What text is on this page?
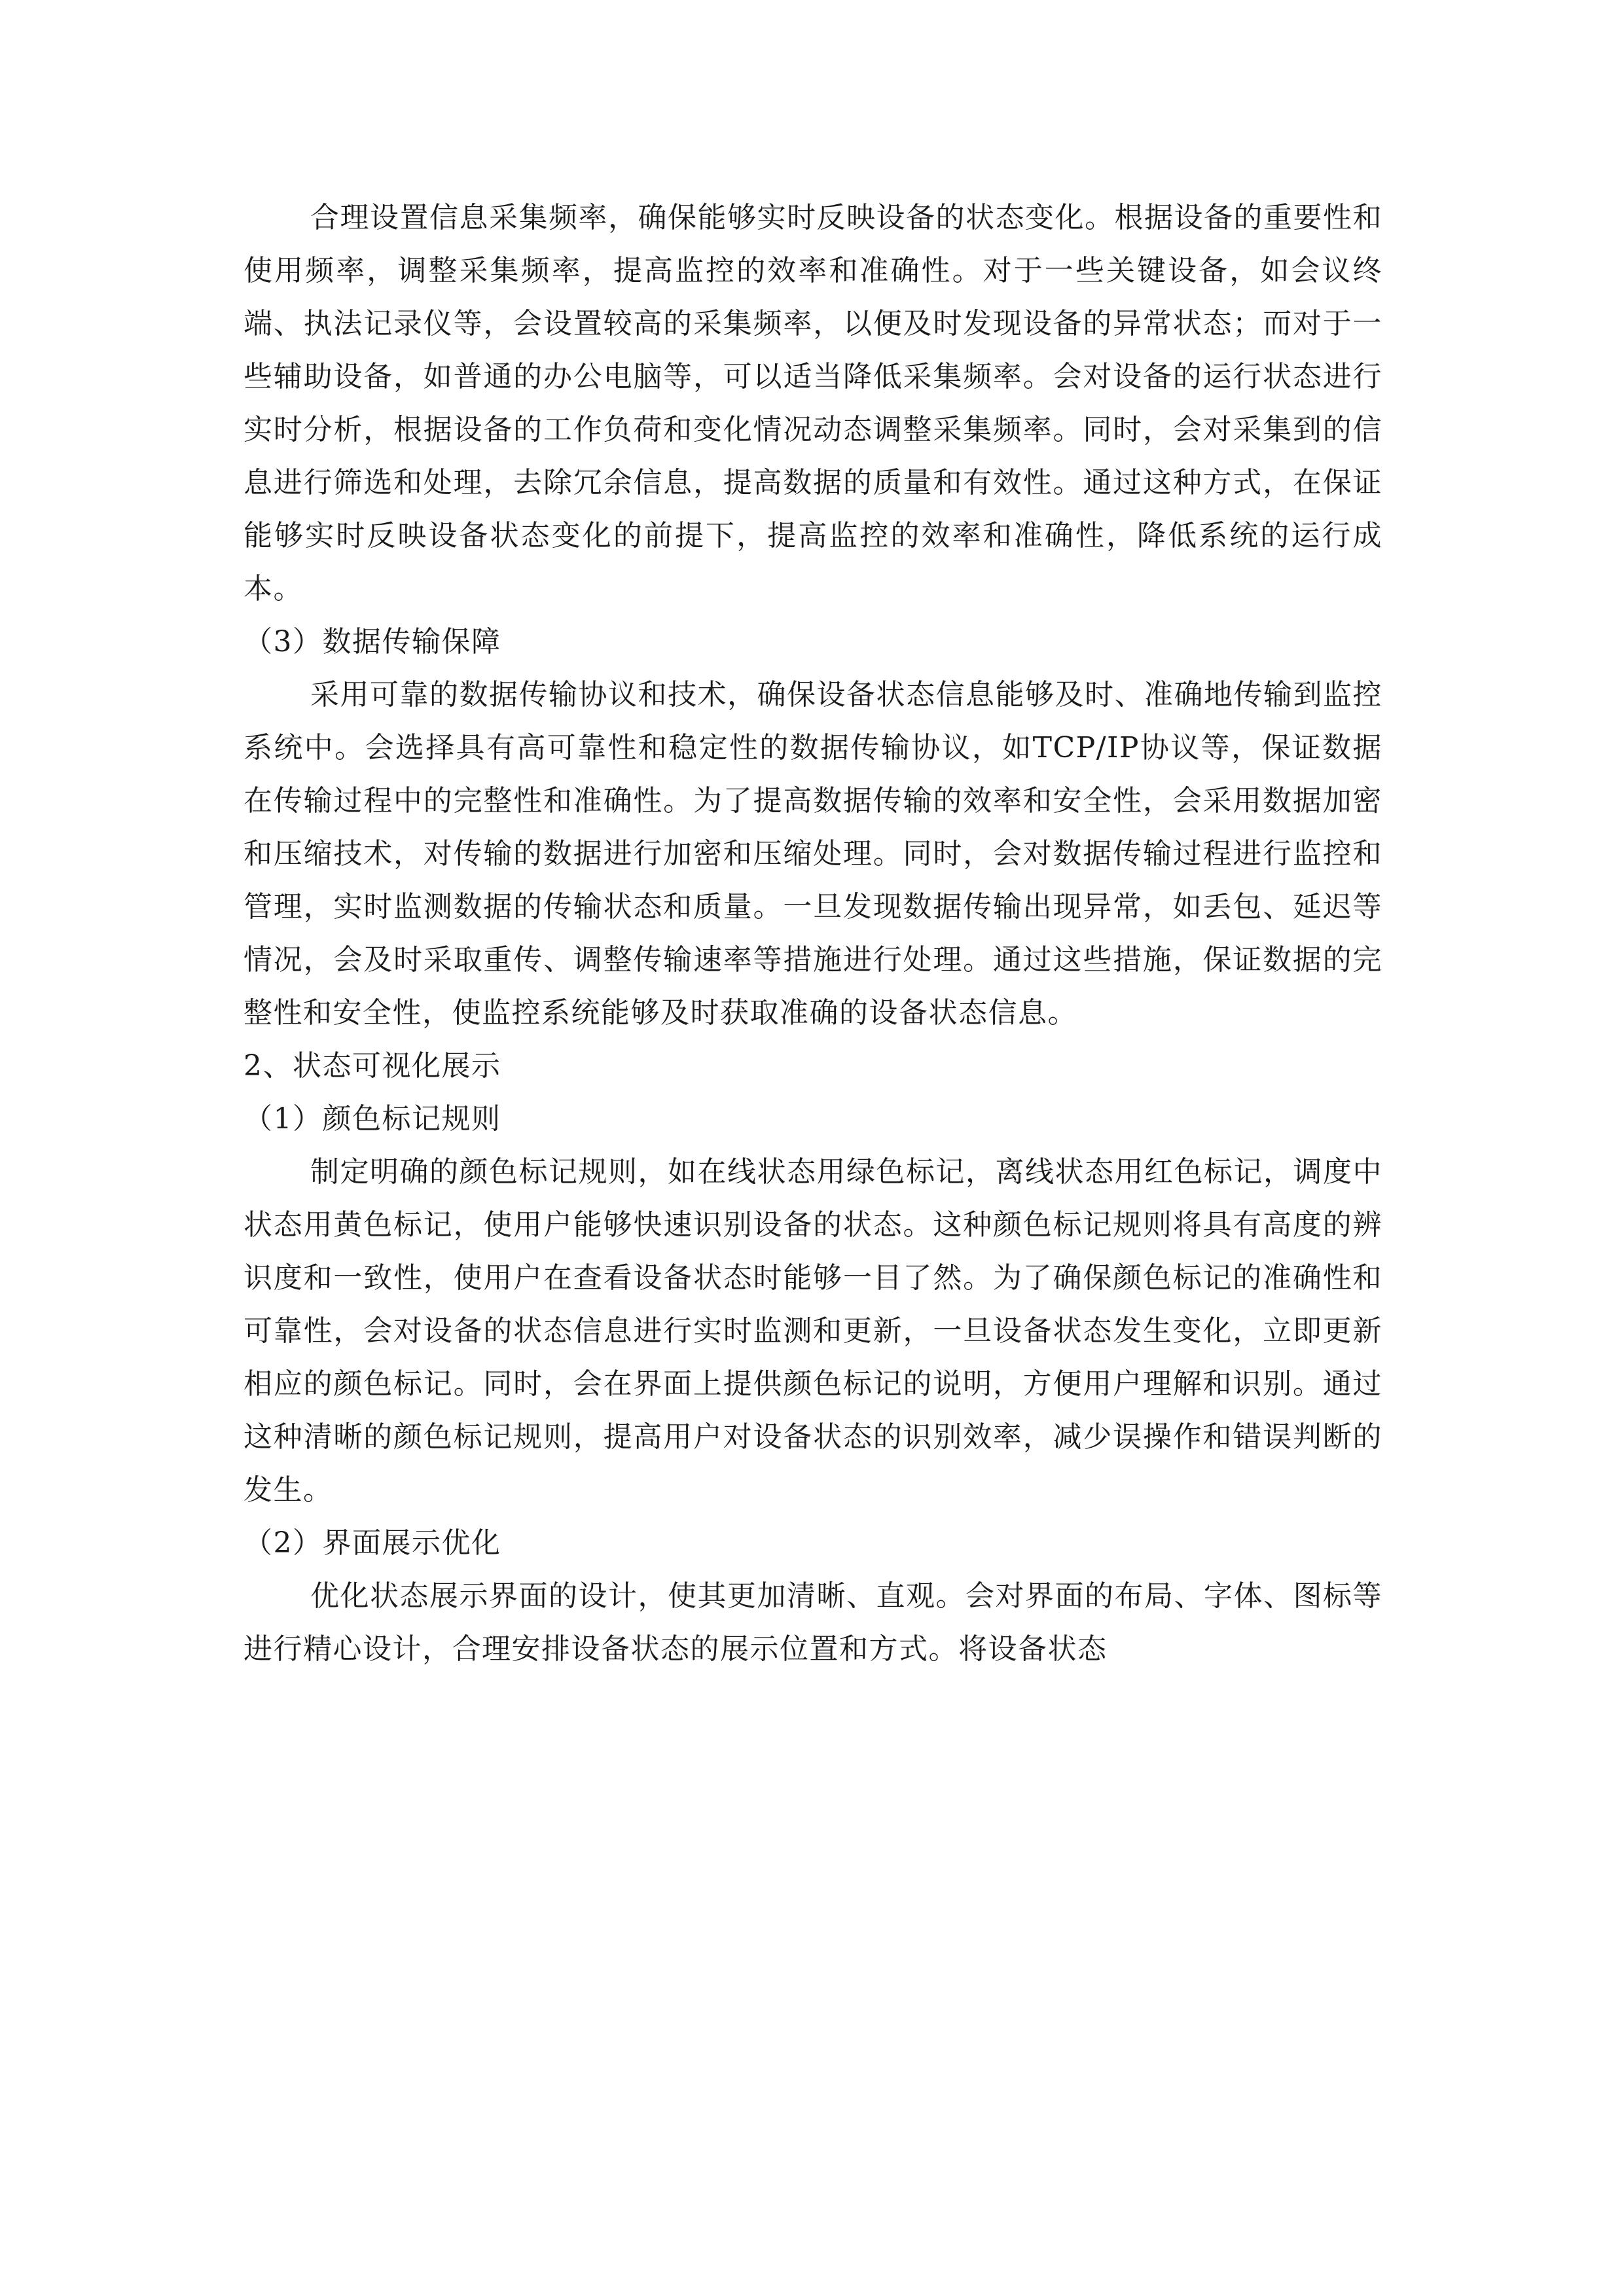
合理设置信息采集频率，确保能够实时反映设备的状态变化。根据设备的重要性和使用频率，调整采集频率，提高监控的效率和准确性。对于一些关键设备，如会议终端、执法记录仪等，会设置较高的采集频率，以便及时发现设备的异常状态；而对于一些辅助设备，如普通的办公电脑等，可以适当降低采集频率。会对设备的运行状态进行实时分析，根据设备的工作负荷和变化情况动态调整采集频率。同时，会对采集到的信息进行筛选和处理，去除冗余信息，提高数据的质量和有效性。通过这种方式，在保证能够实时反映设备状态变化的前提下，提高监控的效率和准确性，降低系统的运行成本。

（3）数据传输保障

采用可靠的数据传输协议和技术，确保设备状态信息能够及时、准确地传输到监控系统中。会选择具有高可靠性和稳定性的数据传输协议，如TCP/IP协议等，保证数据在传输过程中的完整性和准确性。为了提高数据传输的效率和安全性，会采用数据加密和压缩技术，对传输的数据进行加密和压缩处理。同时，会对数据传输过程进行监控和管理，实时监测数据的传输状态和质量。一旦发现数据传输出现异常，如丢包、延迟等情况，会及时采取重传、调整传输速率等措施进行处理。通过这些措施，保证数据的完整性和安全性，使监控系统能够及时获取准确的设备状态信息。

2、状态可视化展示

（1）颜色标记规则

制定明确的颜色标记规则，如在线状态用绿色标记，离线状态用红色标记，调度中状态用黄色标记，使用户能够快速识别设备的状态。这种颜色标记规则将具有高度的辨识度和一致性，使用户在查看设备状态时能够一目了然。为了确保颜色标记的准确性和可靠性，会对设备的状态信息进行实时监测和更新，一旦设备状态发生变化，立即更新相应的颜色标记。同时，会在界面上提供颜色标记的说明，方便用户理解和识别。通过这种清晰的颜色标记规则，提高用户对设备状态的识别效率，减少误操作和错误判断的发生。

（2）界面展示优化

优化状态展示界面的设计，使其更加清晰、直观。会对界面的布局、字体、图标等进行精心设计，合理安排设备状态的展示位置和方式。将设备状态
